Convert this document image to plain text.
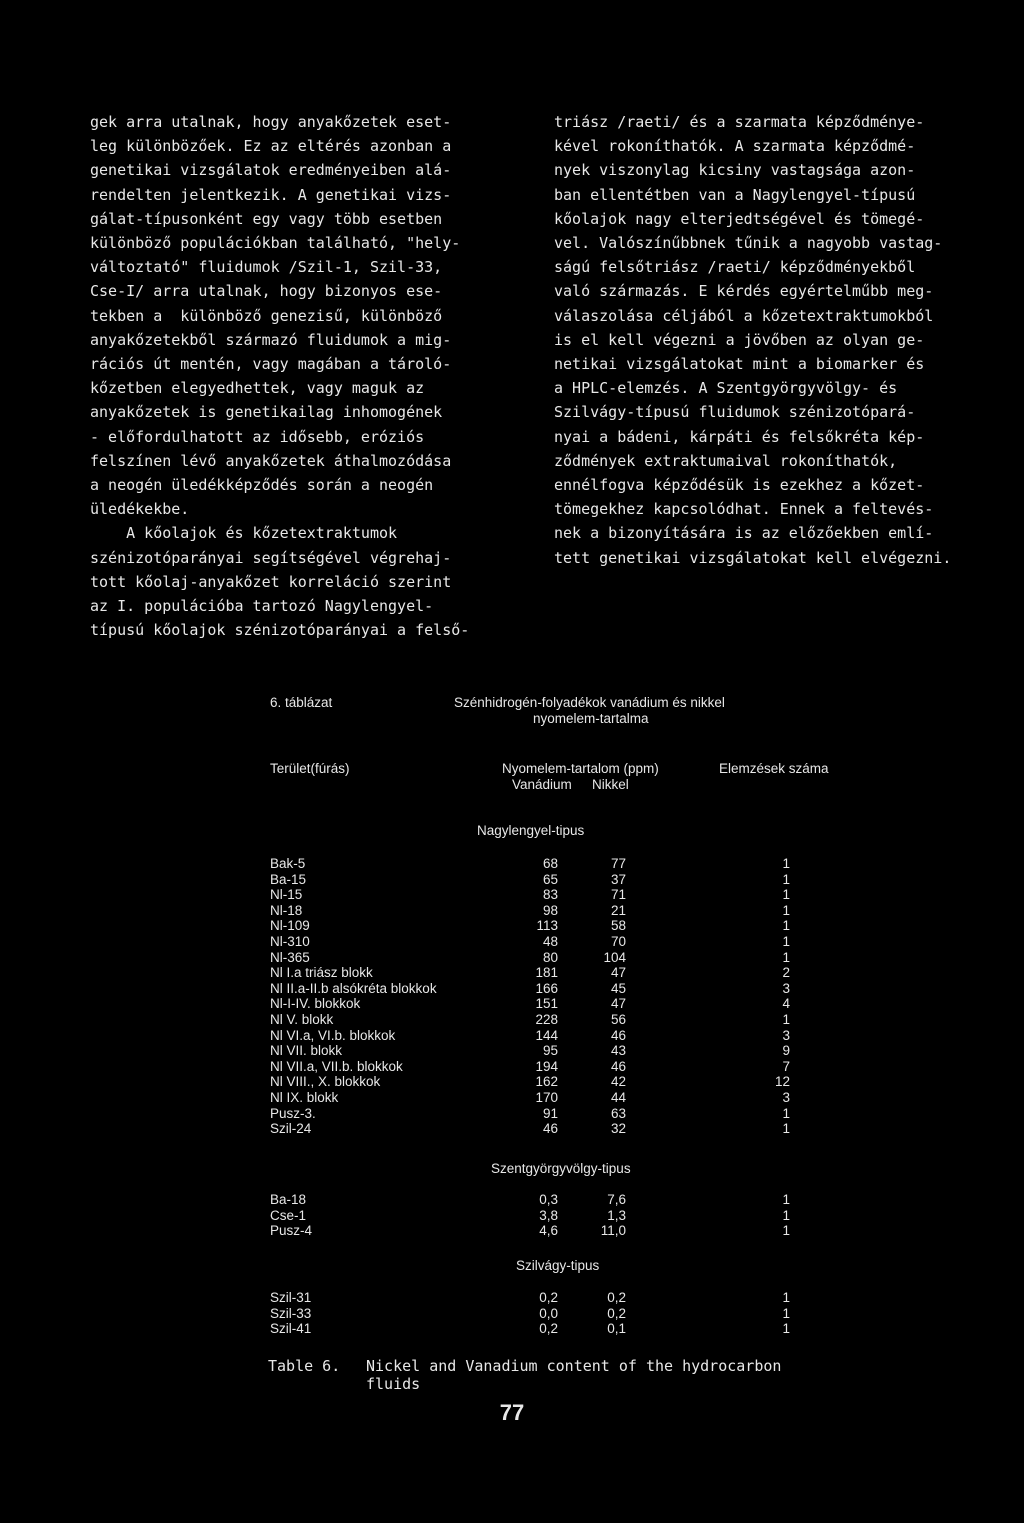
gek arra utalnak, hogy anyakőzetek eset-
leg különbözőek. Ez az eltérés azonban a
genetikai vizsgálatok eredményeiben alá-
rendelten jelentkezik. A genetikai vizs-
gálat-típusonként egy vagy több esetben
különböző populációkban található, "hely-
változtató" fluidumok /Szil-1, Szil-33,
Cse-I/ arra utalnak, hogy bizonyos ese-
tekben a  különböző genezisű, különböző
anyakőzetekből származó fluidumok a mig-
rációs út mentén, vagy magában a tároló-
kőzetben elegyedhettek, vagy maguk az
anyakőzetek is genetikailag inhomogének
- előfordulhatott az idősebb, eróziós
felszínen lévő anyakőzetek áthalmozódása
a neogén üledékképződés során a neogén
üledékekbe.
A kőolajok és kőzetextraktumok
szénizotóparányai segítségével végrehaj-
tott kőolaj-anyakőzet korreláció szerint
az I. populációba tartozó Nagylengyel-
típusú kőolajok szénizotóparányai a felső-
triász /raeti/ és a szarmata képződménye-
kével rokoníthatók. A szarmata képződmé-
nyek viszonylag kicsiny vastagsága azon-
ban ellentétben van a Nagylengyel-típusú
kőolajok nagy elterjedtségével és tömegé-
vel. Valószínűbbnek tűnik a nagyobb vastag-
ságú felsőtriász /raeti/ képződményekből
való származás. E kérdés egyértelműbb meg-
válaszolása céljából a kőzetextraktumokból
is el kell végezni a jövőben az olyan ge-
netikai vizsgálatokat mint a biomarker és
a HPLC-elemzés. A Szentgyörgyvölgy- és
Szilvágy-típusú fluidumok szénizotópará-
nyai a bádeni, kárpáti és felsőkréta kép-
ződmények extraktumaival rokoníthatók,
ennélfogva képződésük is ezekhez a kőzet-
tömegekhez kapcsolódhat. Ennek a feltevés-
nek a bizonyítására is az előzőekben emlí-
tett genetikai vizsgálatokat kell elvégezni.
6. táblázat	Szénhidrogén-folyadékok vanádium és nikkel
nyomelem-tartalma
Terület(fúrás)	Nyomelem-tartalom (ppm)	Elemzések száma
Vanádium Nikkel
Nagylengyel-tipus
Bak-5	68	77	1
Ba-15	65	37	1
Nl-15	83	71	1
Nl-18	98	21	1
Nl-109	113	58	1
Nl-310	48	70	1
Nl-365	80	104	1
Nl I.a triász blokk	181	47	2
Nl II.a-II.b alsókréta blokkok	166	45	3
Nl-I-IV. blokkok	151	47	4
Nl V. blokk	228	56	1
Nl VI.a, VI.b. blokkok	144	46	3
Nl VII. blokk	95	43	9
Nl VII.a, VII.b. blokkok	194	46	7
Nl VIII., X. blokkok	162	42	12
Nl IX. blokk	170	44	3
Pusz-3.	91	63	1
Szil-24	46	32	1
Szentgyörgyvölgy-tipus
Ba-18	0,3	7,6	1
Cse-1	3,8	1,3	1
Pusz-4	4,6	11,0	1
Szilvágy-tipus
Szil-31	0,2	0,2	1
Szil-33	0,0	0,2	1
Szil-41	0,2	0,1	1
Table 6. Nickel and Vanadium content of the hydrocarbon
fluids
77
